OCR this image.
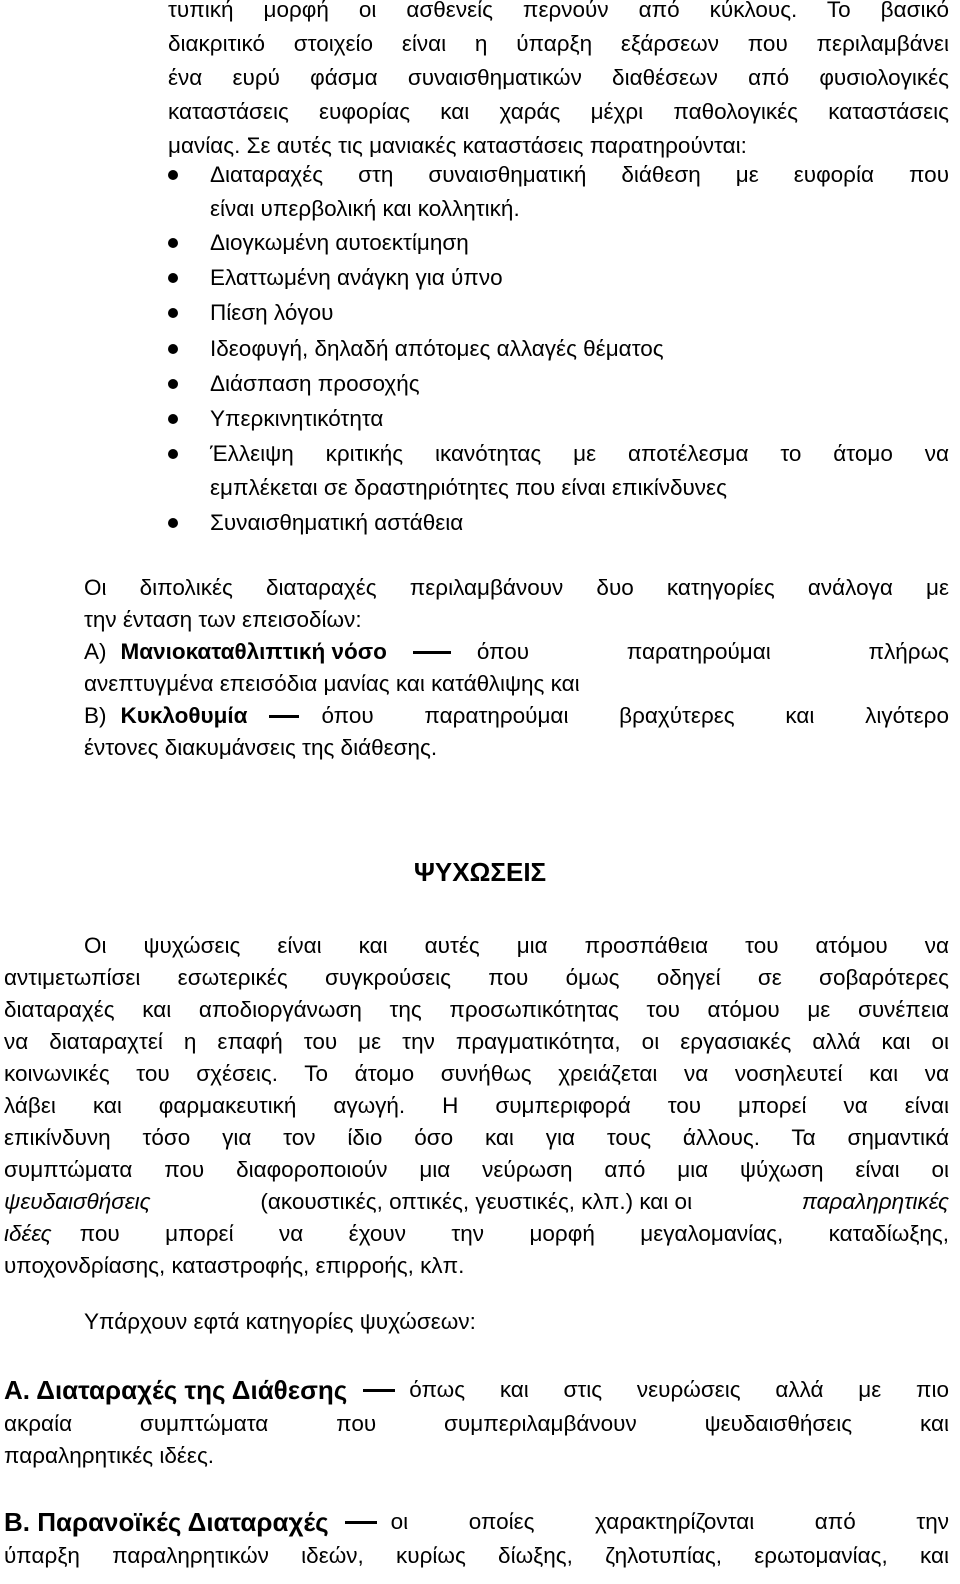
τυπική μορφή οι ασθενείς περνούν από κύκλους. Το βασικό
διακριτικό στοιχείο είναι η ύπαρξη εξάρσεων που περιλαμβάνει
ένα ευρύ φάσμα συναισθηματικών διαθέσεων από φυσιολογικές
καταστάσεις ευφορίας και χαράς μέχρι παθολογικές καταστάσεις
μανίας. Σε αυτές τις μανιακές καταστάσεις παρατηρούνται:
Διαταραχές στη συναισθηματική διάθεση με ευφορία που
είναι υπερβολική και κολλητική.
Διογκωμένη αυτοεκτίμηση
Ελαττωμένη ανάγκη για ύπνο
Πίεση λόγου
Ιδεοφυγή, δηλαδή απότομες αλλαγές θέματος
Διάσπαση προσοχής
Υπερκινητικότητα
Έλλειψη κριτικής ικανότητας με αποτέλεσμα το άτομο να
εμπλέκεται σε δραστηριότητες που είναι επικίνδυνες
Συναισθηματική αστάθεια
Οι διπολικές διαταραχές περιλαμβάνουν δυο κατηγορίες ανάλογα με
την ένταση των επεισοδίων:
Α) Μανιοκαταθλιπτική νόσο	όπου παρατηρούμαι πλήρως
ανεπτυγμένα επεισόδια μανίας και κατάθλιψης και
Β) Κυκλοθυμία	όπου παρατηρούμαι βραχύτερες και λιγότερο
έντονες διακυμάνσεις της διάθεσης.
ΨΥΧΩΣΕΙΣ
Οι ψυχώσεις είναι και αυτές μια προσπάθεια του ατόμου να
αντιμετωπίσει εσωτερικές συγκρούσεις που όμως οδηγεί σε σοβαρότερες
διαταραχές και αποδιοργάνωση της προσωπικότητας του ατόμου με συνέπεια
να διαταραχτεί η επαφή του με την πραγματικότητα, οι εργασιακές αλλά και οι
κοινωνικές του σχέσεις. Το άτομο συνήθως χρειάζεται να νοσηλευτεί και να
λάβει και φαρμακευτική αγωγή. Η συμπεριφορά του μπορεί να είναι
επικίνδυνη τόσο για τον ίδιο όσο και για τους άλλους. Τα σημαντικά
συμπτώματα που διαφοροποιούν μια νεύρωση από μια ψύχωση είναι οι
ψευδαισθήσεις	(ακουστικές, οπτικές, γευστικές, κλπ.) και οι	παραληρητικές
ιδέες που μπορεί να έχουν την μορφή μεγαλομανίας, καταδίωξης,
υποχονδρίασης, καταστροφής, επιρροής, κλπ.
Υπάρχουν εφτά κατηγορίες ψυχώσεων:
Α. Διαταραχές της Διάθεσης	όπως και στις νευρώσεις αλλά με πιο
ακραία συμπτώματα που συμπεριλαμβάνουν ψευδαισθήσεις και
παραληρητικές ιδέες.
Β. Παρανοϊκές Διαταραχές	οι οποίες χαρακτηρίζονται από την
ύπαρξη παραληρητικών ιδεών, κυρίως δίωξης, ζηλοτυπίας, ερωτομανίας, και
